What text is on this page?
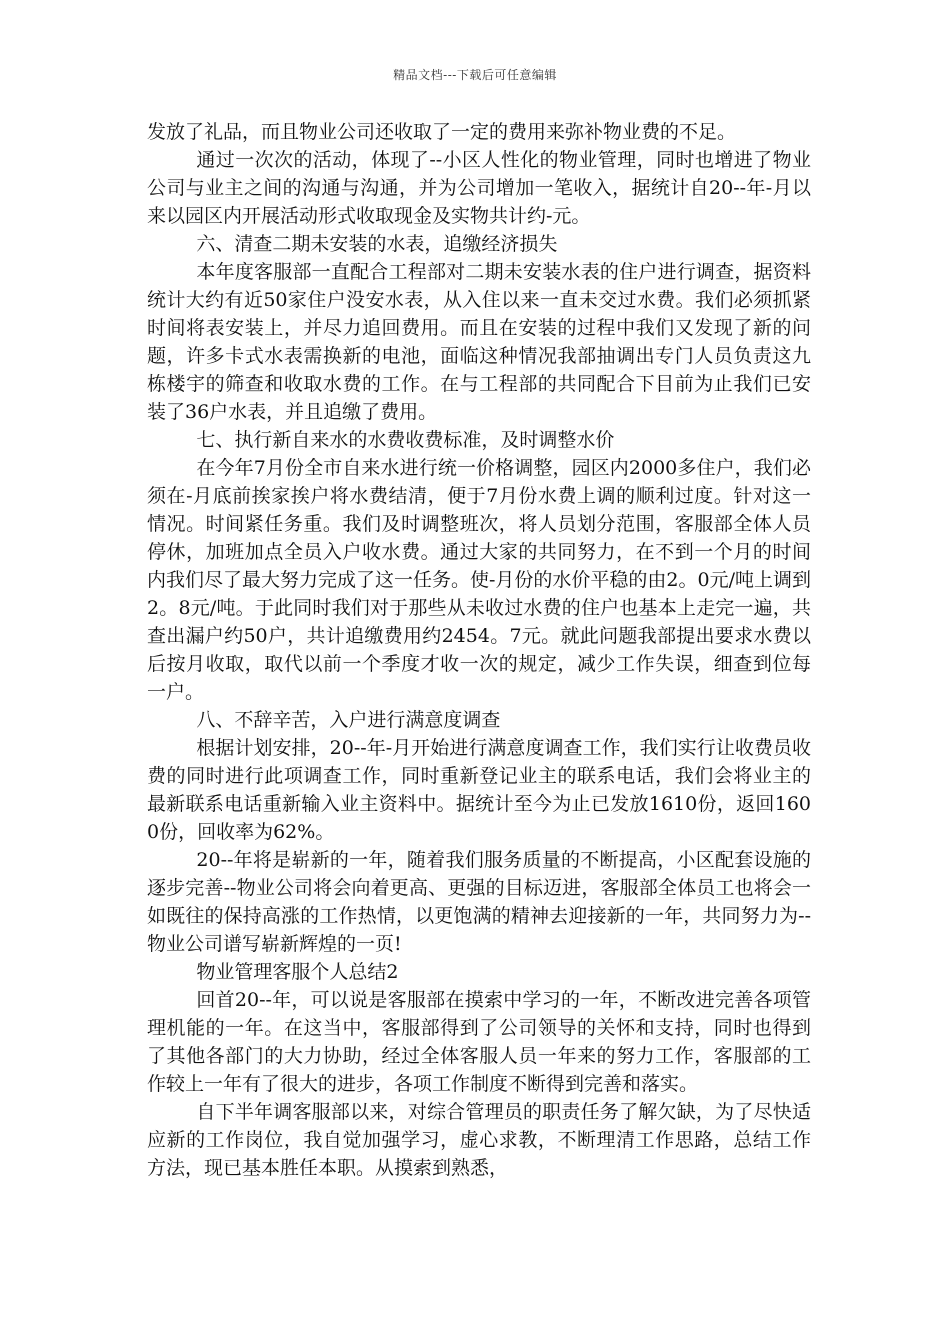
精品文档---下载后可任意编辑

发放了礼品，而且物业公司还收取了一定的费用来弥补物业费的不足。

通过一次次的活动，体现了--小区人性化的物业管理，同时也增进了物业公司与业主之间的沟通与沟通，并为公司增加一笔收入，据统计自20--年-月以来以园区内开展活动形式收取现金及实物共计约-元。

六、清查二期未安装的水表，追缴经济损失

本年度客服部一直配合工程部对二期未安装水表的住户进行调查，据资料统计大约有近50家住户没安水表，从入住以来一直未交过水费。我们必须抓紧时间将表安装上，并尽力追回费用。而且在安装的过程中我们又发现了新的问题，许多卡式水表需换新的电池，面临这种情况我部抽调出专门人员负责这九栋楼宇的筛查和收取水费的工作。在与工程部的共同配合下目前为止我们已安装了36户水表，并且追缴了费用。

七、执行新自来水的水费收费标准，及时调整水价

在今年7月份全市自来水进行统一价格调整，园区内2000多住户，我们必须在-月底前挨家挨户将水费结清，便于7月份水费上调的顺利过度。针对这一情况。时间紧任务重。我们及时调整班次，将人员划分范围，客服部全体人员停休，加班加点全员入户收水费。通过大家的共同努力，在不到一个月的时间内我们尽了最大努力完成了这一任务。使-月份的水价平稳的由2。0元/吨上调到2。8元/吨。于此同时我们对于那些从未收过水费的住户也基本上走完一遍，共查出漏户约50户，共计追缴费用约2454。7元。就此问题我部提出要求水费以后按月收取，取代以前一个季度才收一次的规定，减少工作失误，细查到位每一户。

八、不辞辛苦，入户进行满意度调查

根据计划安排，20--年-月开始进行满意度调查工作，我们实行让收费员收费的同时进行此项调查工作，同时重新登记业主的联系电话，我们会将业主的最新联系电话重新输入业主资料中。据统计至今为止已发放1610份，返回1600份，回收率为62%。

20--年将是崭新的一年，随着我们服务质量的不断提高，小区配套设施的逐步完善--物业公司将会向着更高、更强的目标迈进，客服部全体员工也将会一如既往的保持高涨的工作热情，以更饱满的精神去迎接新的一年，共同努力为--物业公司谱写崭新辉煌的一页!

物业管理客服个人总结2

回首20--年，可以说是客服部在摸索中学习的一年，不断改进完善各项管理机能的一年。在这当中，客服部得到了公司领导的关怀和支持，同时也得到了其他各部门的大力协助，经过全体客服人员一年来的努力工作，客服部的工作较上一年有了很大的进步，各项工作制度不断得到完善和落实。

自下半年调客服部以来，对综合管理员的职责任务了解欠缺，为了尽快适应新的工作岗位，我自觉加强学习，虚心求教，不断理清工作思路，总结工作方法，现已基本胜任本职。从摸索到熟悉，
